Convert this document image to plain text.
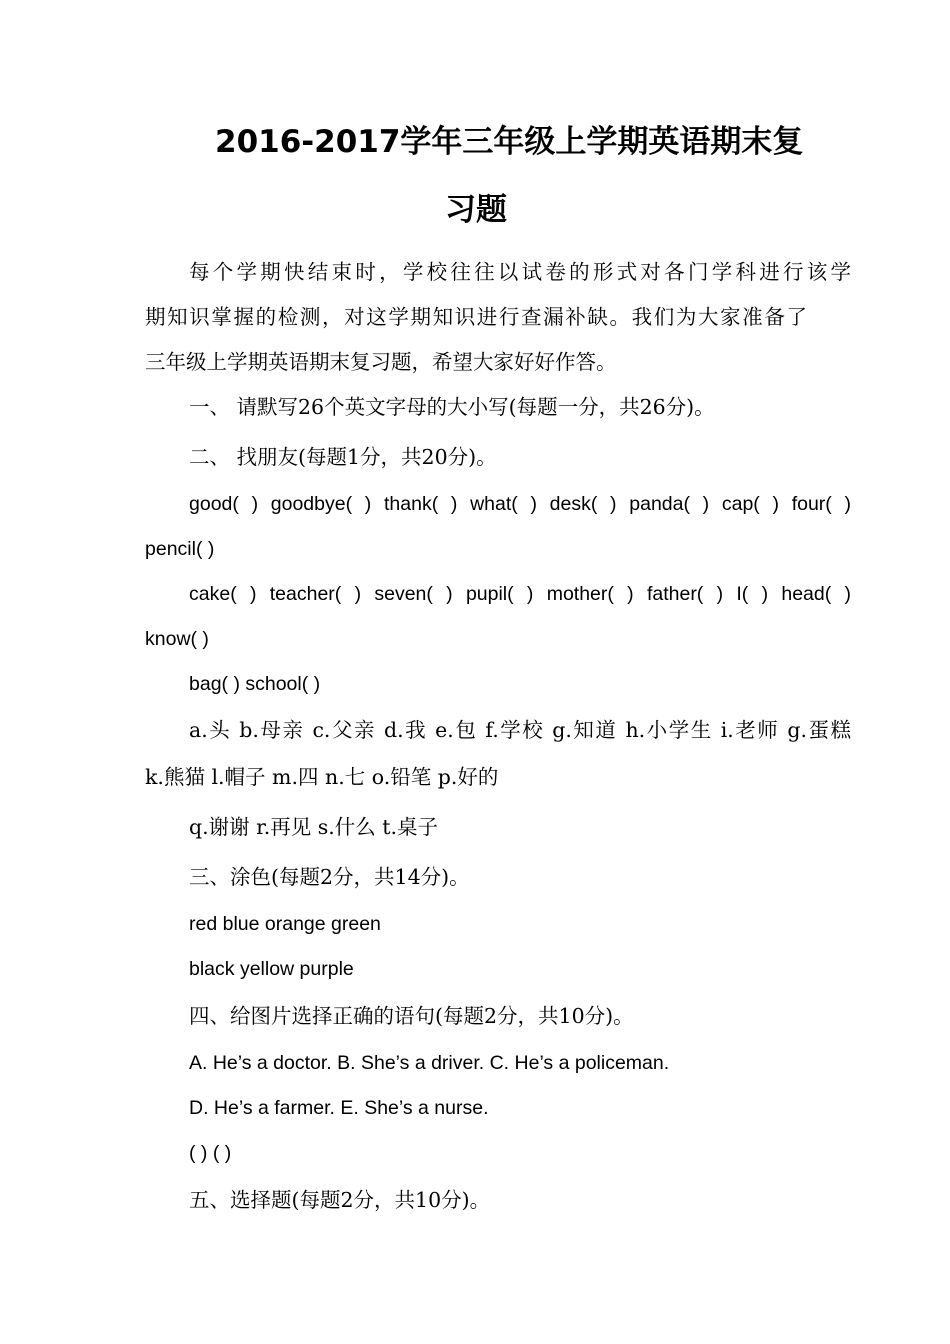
2016-2017学年三年级上学期英语期末复
习题
每个学期快结束时，学校往往以试卷的形式对各门学科进行该学
期知识掌握的检测，对这学期知识进行查漏补缺。我们为大家准备了
三年级上学期英语期末复习题，希望大家好好作答。
一、 请默写26个英文字母的大小写(每题一分，共26分)。
二、 找朋友(每题1分，共20分)。
good( ) goodbye( ) thank( ) what( ) desk( ) panda( ) cap( ) four( )
pencil( )
cake( ) teacher( ) seven( ) pupil( ) mother( ) father( ) I( ) head( )
know( )
bag( ) school( )
a.头 b.母亲 c.父亲 d.我 e.包 f.学校 g.知道 h.小学生 i.老师 g.蛋糕
k.熊猫 l.帽子 m.四 n.七 o.铅笔 p.好的
q.谢谢 r.再见 s.什么 t.桌子
三、涂色(每题2分，共14分)。
red blue orange green
black yellow purple
四、给图片选择正确的语句(每题2分，共10分)。
A. He’s a doctor. B. She’s a driver. C. He’s a policeman.
D. He’s a farmer. E. She’s a nurse.
( ) ( )
五、选择题(每题2分，共10分)。
